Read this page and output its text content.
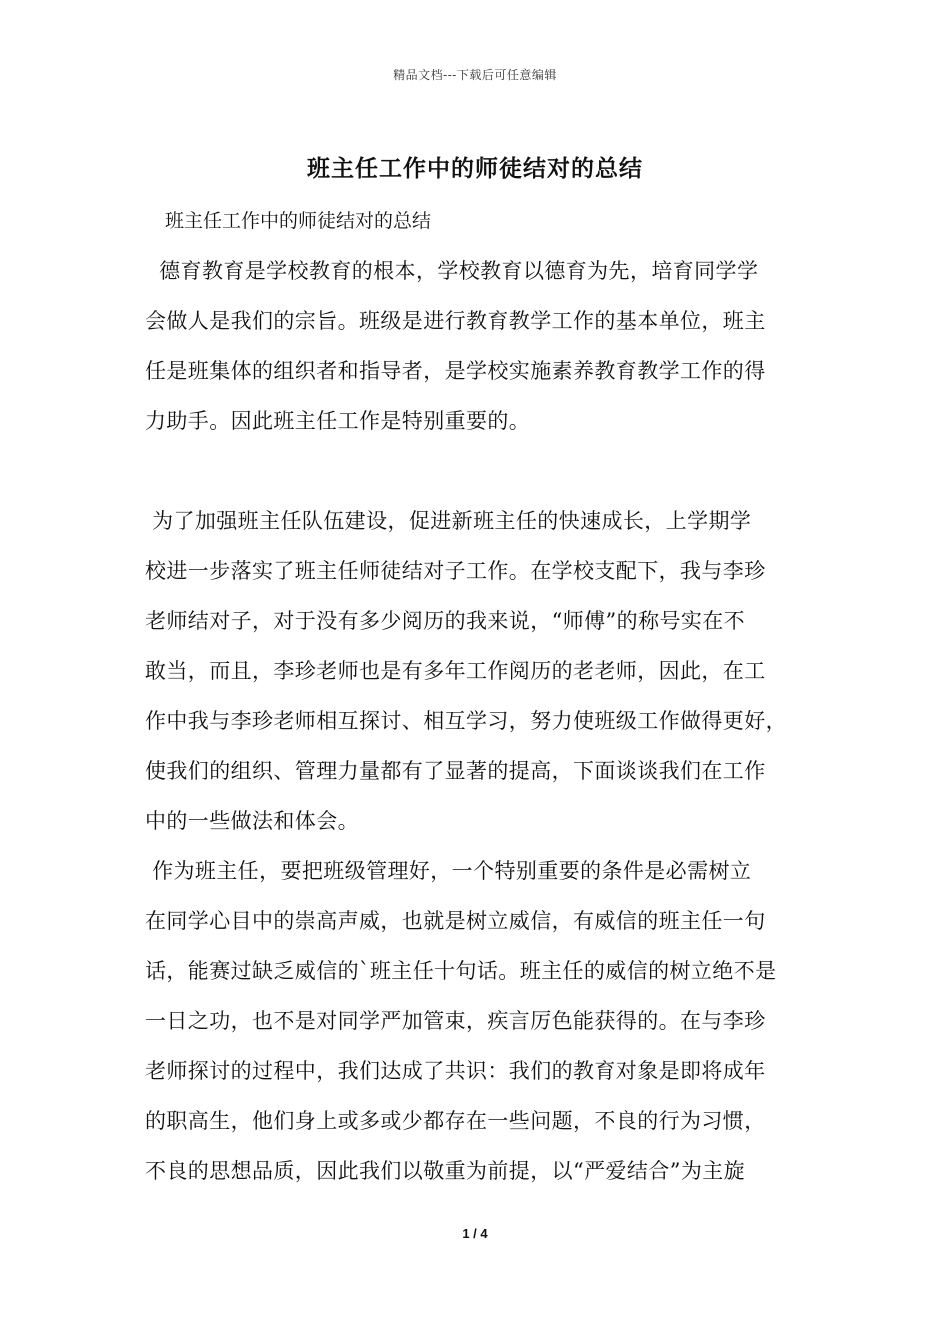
精品文档---下载后可任意编辑
班主任工作中的师徒结对的总结
班主任工作中的师徒结对的总结
德育教育是学校教育的根本，学校教育以德育为先，培育同学学
会做人是我们的宗旨。班级是进行教育教学工作的基本单位，班主
任是班集体的组织者和指导者，是学校实施素养教育教学工作的得
力助手。因此班主任工作是特别重要的。
为了加强班主任队伍建设，促进新班主任的快速成长，上学期学
校进一步落实了班主任师徒结对子工作。在学校支配下，我与李珍
老师结对子，对于没有多少阅历的我来说，“师傅”的称号实在不
敢当，而且，李珍老师也是有多年工作阅历的老老师，因此，在工
作中我与李珍老师相互探讨、相互学习，努力使班级工作做得更好，
使我们的组织、管理力量都有了显著的提高，下面谈谈我们在工作
中的一些做法和体会。
作为班主任，要把班级管理好，一个特别重要的条件是必需树立
在同学心目中的崇高声威，也就是树立威信，有威信的班主任一句
话，能赛过缺乏威信的`班主任十句话。班主任的威信的树立绝不是
一日之功，也不是对同学严加管束，疾言厉色能获得的。在与李珍
老师探讨的过程中，我们达成了共识：我们的教育对象是即将成年
的职高生，他们身上或多或少都存在一些问题，不良的行为习惯，
不良的思想品质，因此我们以敬重为前提，以“严爱结合”为主旋
1 / 4
